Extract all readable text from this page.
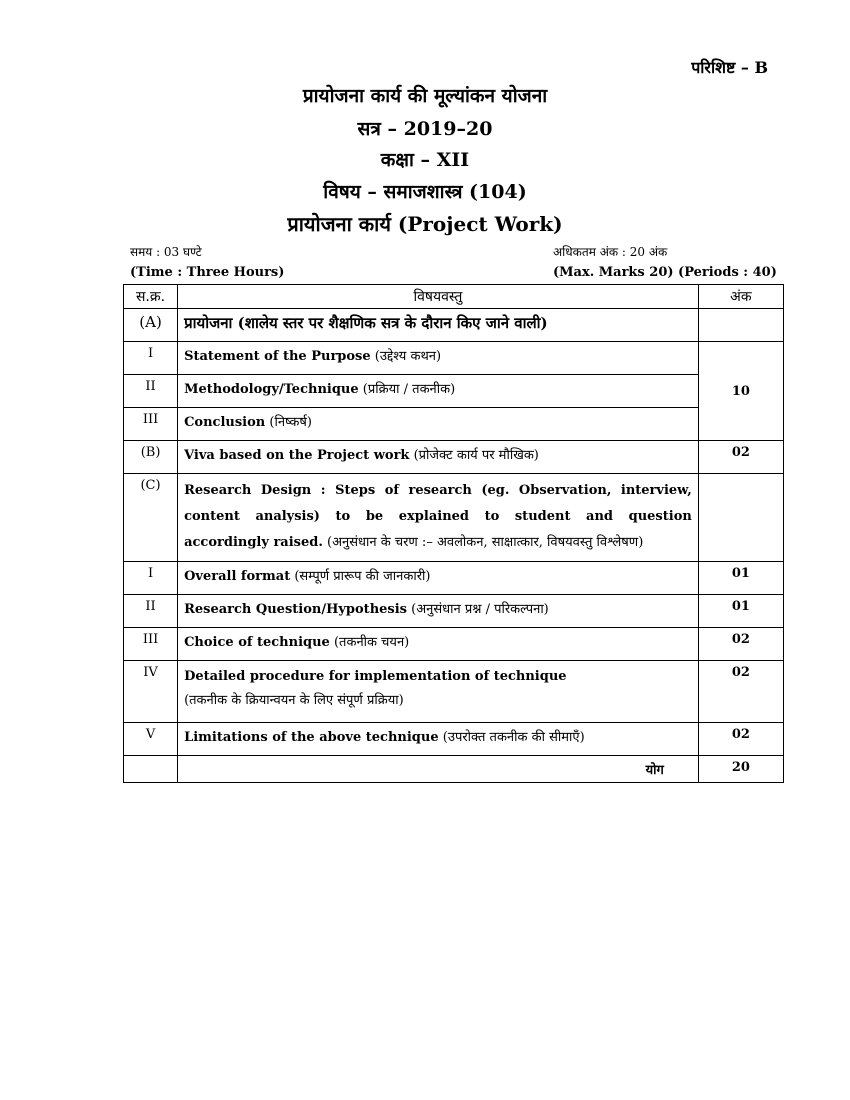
परिशिष्ट – B
प्रायोजना कार्य की मूल्यांकन योजना
सत्र – 2019–20
कक्षा – XII
विषय – समाजशास्त्र (104)
प्रायोजना कार्य (Project Work)
समय : 03 घण्टे	अधिकतम अंक : 20 अंक
(Time : Three Hours)	(Max. Marks 20) (Periods : 40)
स.क्र.	विषयवस्तु	अंक
(A)	प्रायोजना (शालेय स्तर पर शैक्षणिक सत्र के दौरान किए जाने वाली)	
I	Statement of the Purpose (उद्देश्य कथन)	10
II	Methodology/Technique (प्रक्रिया / तकनीक)	
III	Conclusion (निष्कर्ष)	
(B)	Viva based on the Project work (प्रोजेक्ट कार्य पर मौखिक)	02
(C)	Research Design : Steps of research (eg. Observation, interview, content analysis) to be explained to student and question accordingly raised. (अनुसंधान के चरण :– अवलोकन, साक्षात्कार, विषयवस्तु विश्लेषण)	
I	Overall format (सम्पूर्ण प्रारूप की जानकारी)	01
II	Research Question/Hypothesis (अनुसंधान प्रश्न / परिकल्पना)	01
III	Choice of technique (तकनीक चयन)	02
IV	Detailed procedure for implementation of technique
(तकनीक के क्रियान्वयन के लिए संपूर्ण प्रक्रिया)	02
V	Limitations of the above technique (उपरोक्त तकनीक की सीमाएँ)	02
	योग	20
